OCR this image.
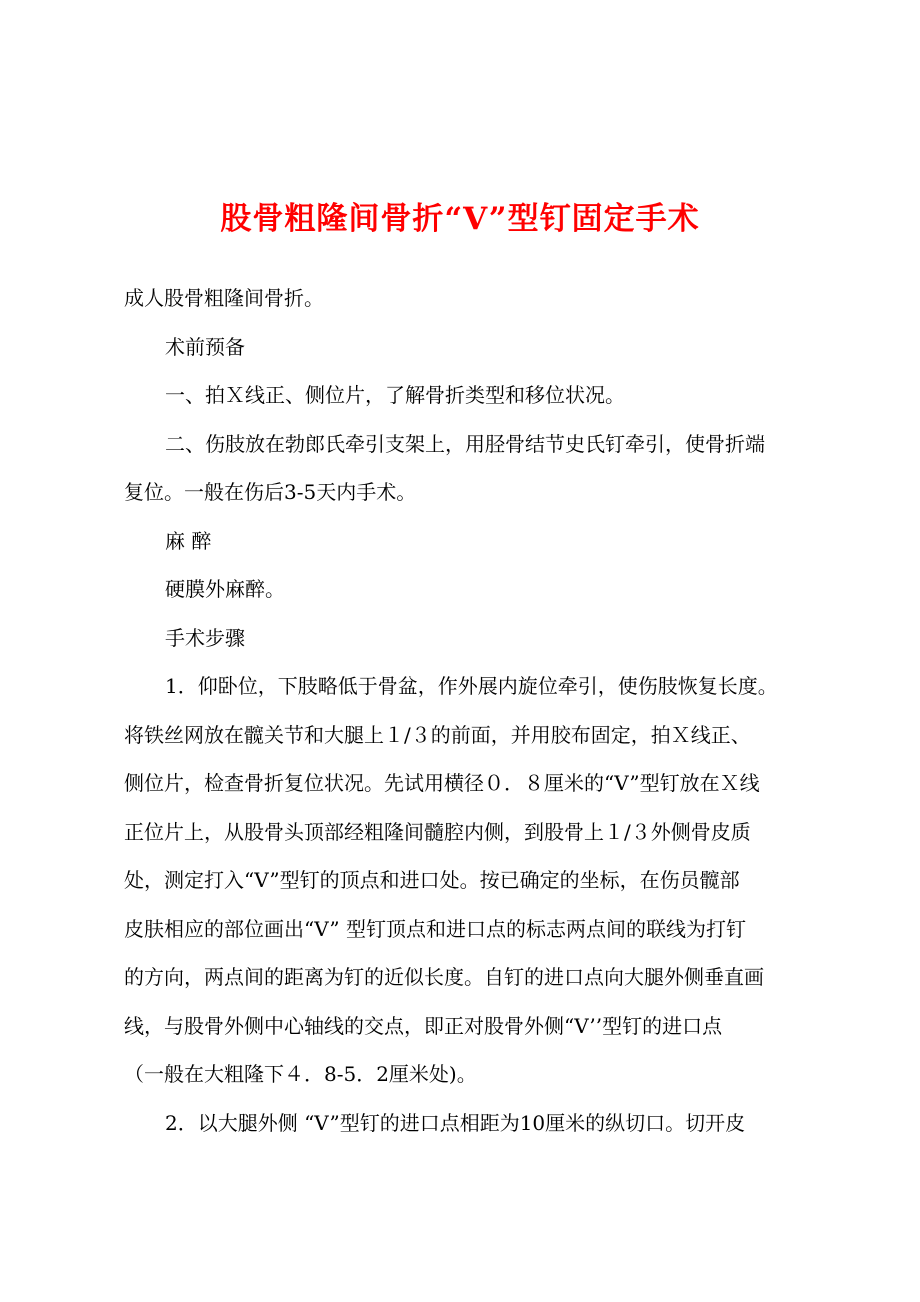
股骨粗隆间骨折“V”型钉固定手术
成人股骨粗隆间骨折。
术前预备
一、拍Ｘ线正、侧位片，了解骨折类型和移位状况。
二、伤肢放在勃郎氏牵引支架上，用胫骨结节史氏钉牵引，使骨折端
复位。一般在伤后3-5天内手术。
麻 醉
硬膜外麻醉。
手术步骤
1．仰卧位，下肢略低于骨盆，作外展内旋位牵引，使伤肢恢复长度。
将铁丝网放在髋关节和大腿上１/３的前面，并用胶布固定，拍Ｘ线正、
侧位片，检查骨折复位状况。先试用横径０．８厘米的“V”型钉放在Ｘ线
正位片上，从股骨头顶部经粗隆间髓腔内侧，到股骨上１/３外侧骨皮质
处，测定打入“V”型钉的顶点和进口处。按已确定的坐标，在伤员髋部
皮肤相应的部位画出“V” 型钉顶点和进口点的标志两点间的联线为打钉
的方向，两点间的距离为钉的近似长度。自钉的进口点向大腿外侧垂直画
线，与股骨外侧中心轴线的交点，即正对股骨外侧“V’’型钉的进口点
（一般在大粗隆下４．8-5．2厘米处)。
2．以大腿外侧 “V”型钉的进口点相距为10厘米的纵切口。切开皮
